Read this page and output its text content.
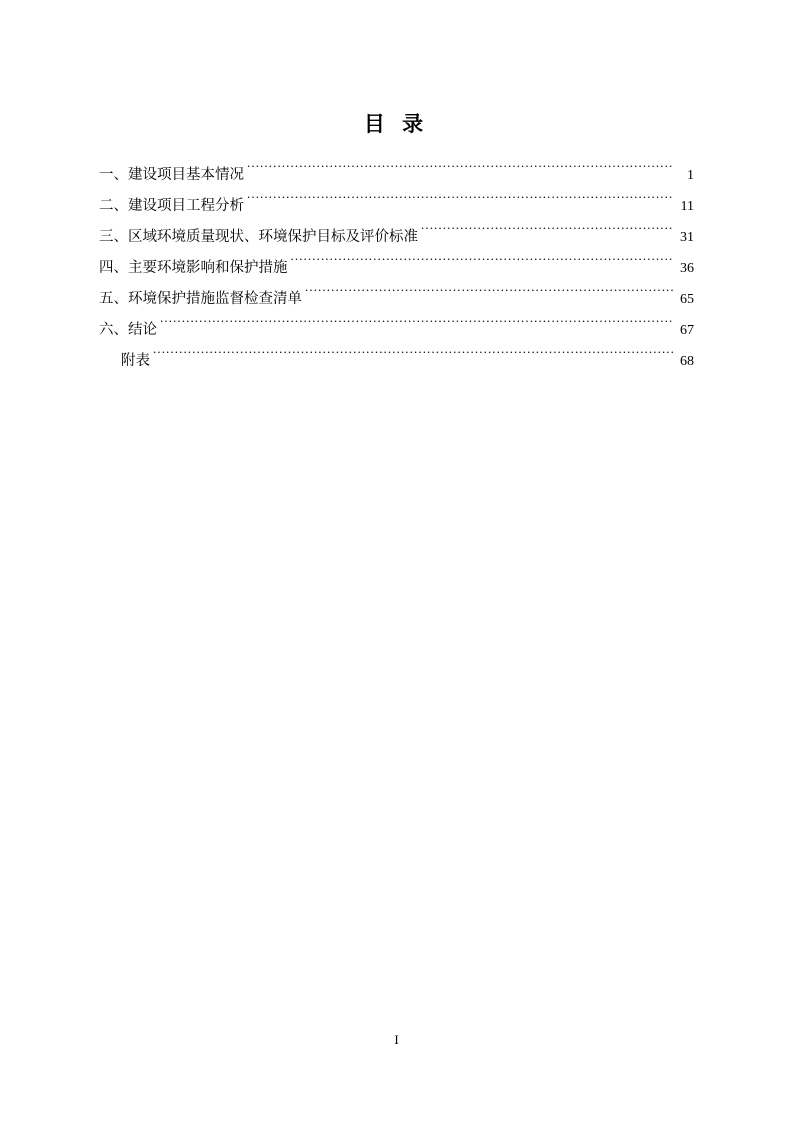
目 录
一、建设项目基本情况 .....	1
二、建设项目工程分析 .....	11
三、区域环境质量现状、环境保护目标及评价标准 .....	31
四、主要环境影响和保护措施 .....	36
五、环境保护措施监督检查清单 .....	65
六、结论 .....	67
附表 .....	68
I
